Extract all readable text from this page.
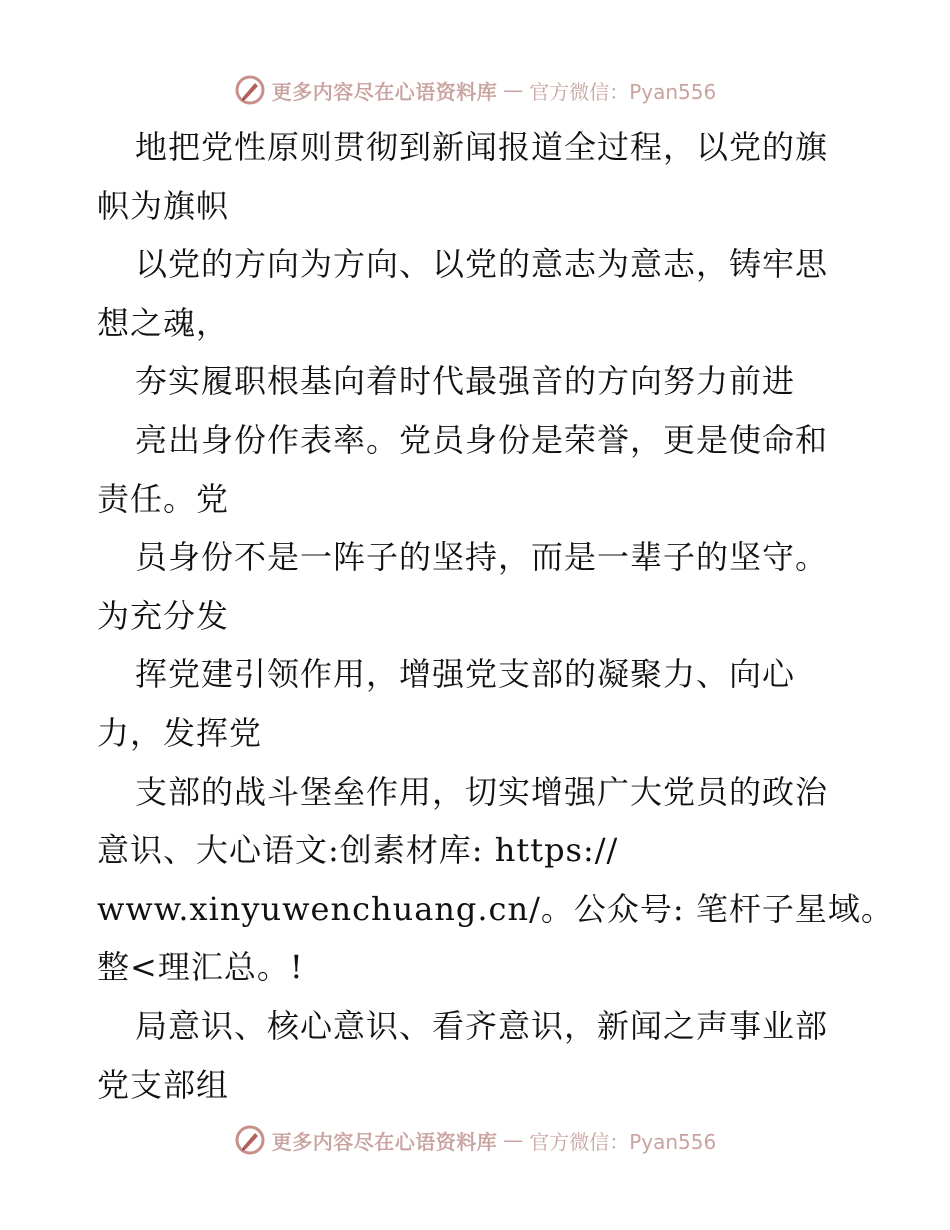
更多内容尽在心语资料库 — 官方微信：Pyan556
地把党性原则贯彻到新闻报道全过程，以党的旗
帜为旗帜
以党的方向为方向、以党的意志为意志，铸牢思
想之魂，
夯实履职根基向着时代最强音的方向努力前进
亮出身份作表率。党员身份是荣誉，更是使命和
责任。党
员身份不是一阵子的坚持，而是一辈子的坚守。
为充分发
挥党建引领作用，增强党支部的凝聚力、向心
力，发挥党
支部的战斗堡垒作用，切实增强广大党员的政治
意识、大心语文:创素材库: https://
www.xinyuwenchuang.cn/。公众号: 笔杆子星域。
整<理汇总。!
局意识、核心意识、看齐意识，新闻之声事业部
党支部组
更多内容尽在心语资料库 — 官方微信：Pyan556
